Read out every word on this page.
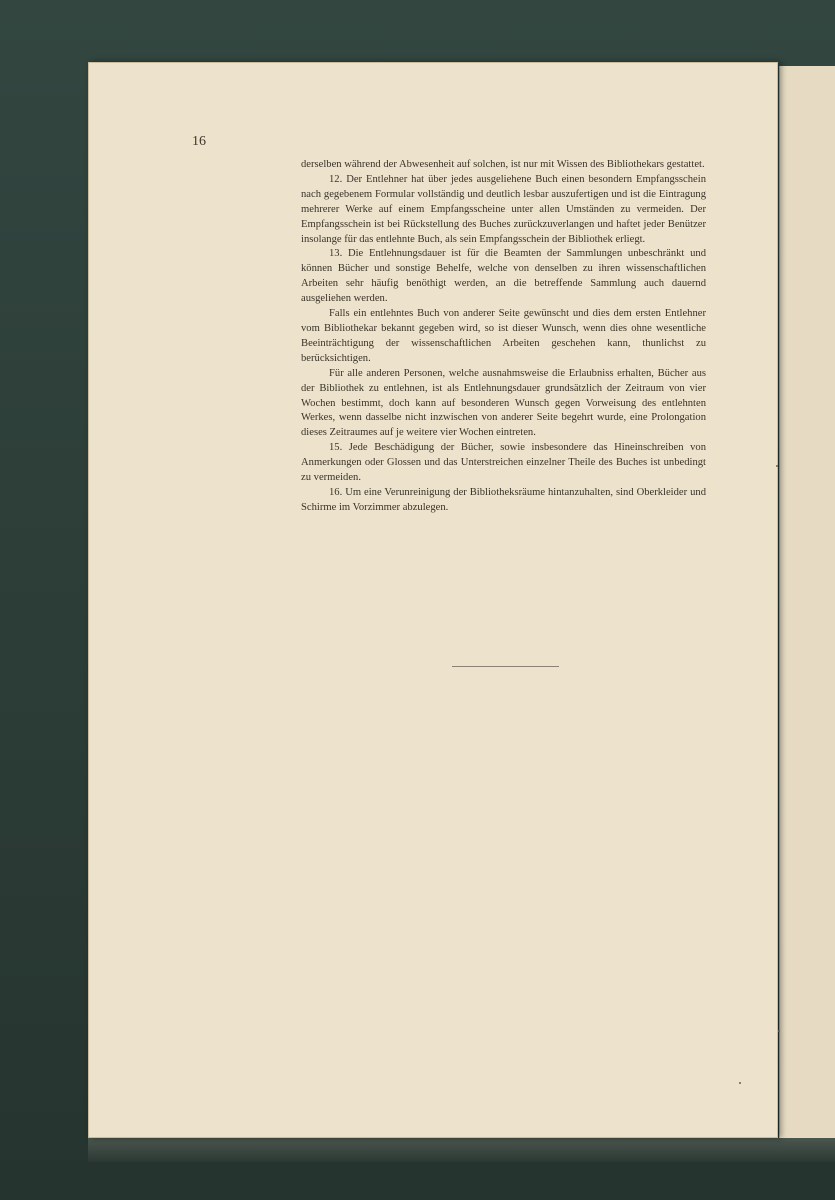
16

derselben während der Abwesenheit auf solchen, ist nur mit Wissen des Bibliothekars gestattet.

12. Der Entlehner hat über jedes ausgeliehene Buch einen besondern Empfangsschein nach gegebenem Formular vollständig und deutlich lesbar auszufertigen und ist die Eintragung mehrerer Werke auf einem Empfangsscheine unter allen Umständen zu vermeiden. Der Empfangsschein ist bei Rückstellung des Buches zurückzuverlangen und haftet jeder Benützer insolange für das entlehnte Buch, als sein Empfangsschein der Bibliothek erliegt.

13. Die Entlehnungsdauer ist für die Beamten der Sammlungen unbeschränkt und können Bücher und sonstige Behelfe, welche von denselben zu ihren wissenschaftlichen Arbeiten sehr häufig benöthigt werden, an die betreffende Sammlung auch dauernd ausgeliehen werden.

Falls ein entlehntes Buch von anderer Seite gewünscht und dies dem ersten Entlehner vom Bibliothekar bekannt gegeben wird, so ist dieser Wunsch, wenn dies ohne wesentliche Beeinträchtigung der wissenschaftlichen Arbeiten geschehen kann, thunlichst zu berücksichtigen.

Für alle anderen Personen, welche ausnahmsweise die Erlaubniss erhalten, Bücher aus der Bibliothek zu entlehnen, ist als Entlehnungsdauer grundsätzlich der Zeitraum von vier Wochen bestimmt, doch kann auf besonderen Wunsch gegen Vorweisung des entlehnten Werkes, wenn dasselbe nicht inzwischen von anderer Seite begehrt wurde, eine Prolongation dieses Zeitraumes auf je weitere vier Wochen eintreten.

15. Jede Beschädigung der Bücher, sowie insbesondere das Hineinschreiben von Anmerkungen oder Glossen und das Unterstreichen einzelner Theile des Buches ist unbedingt zu vermeiden.

16. Um eine Verunreinigung der Bibliotheksräume hintanzuhalten, sind Oberkleider und Schirme im Vorzimmer abzulegen.
